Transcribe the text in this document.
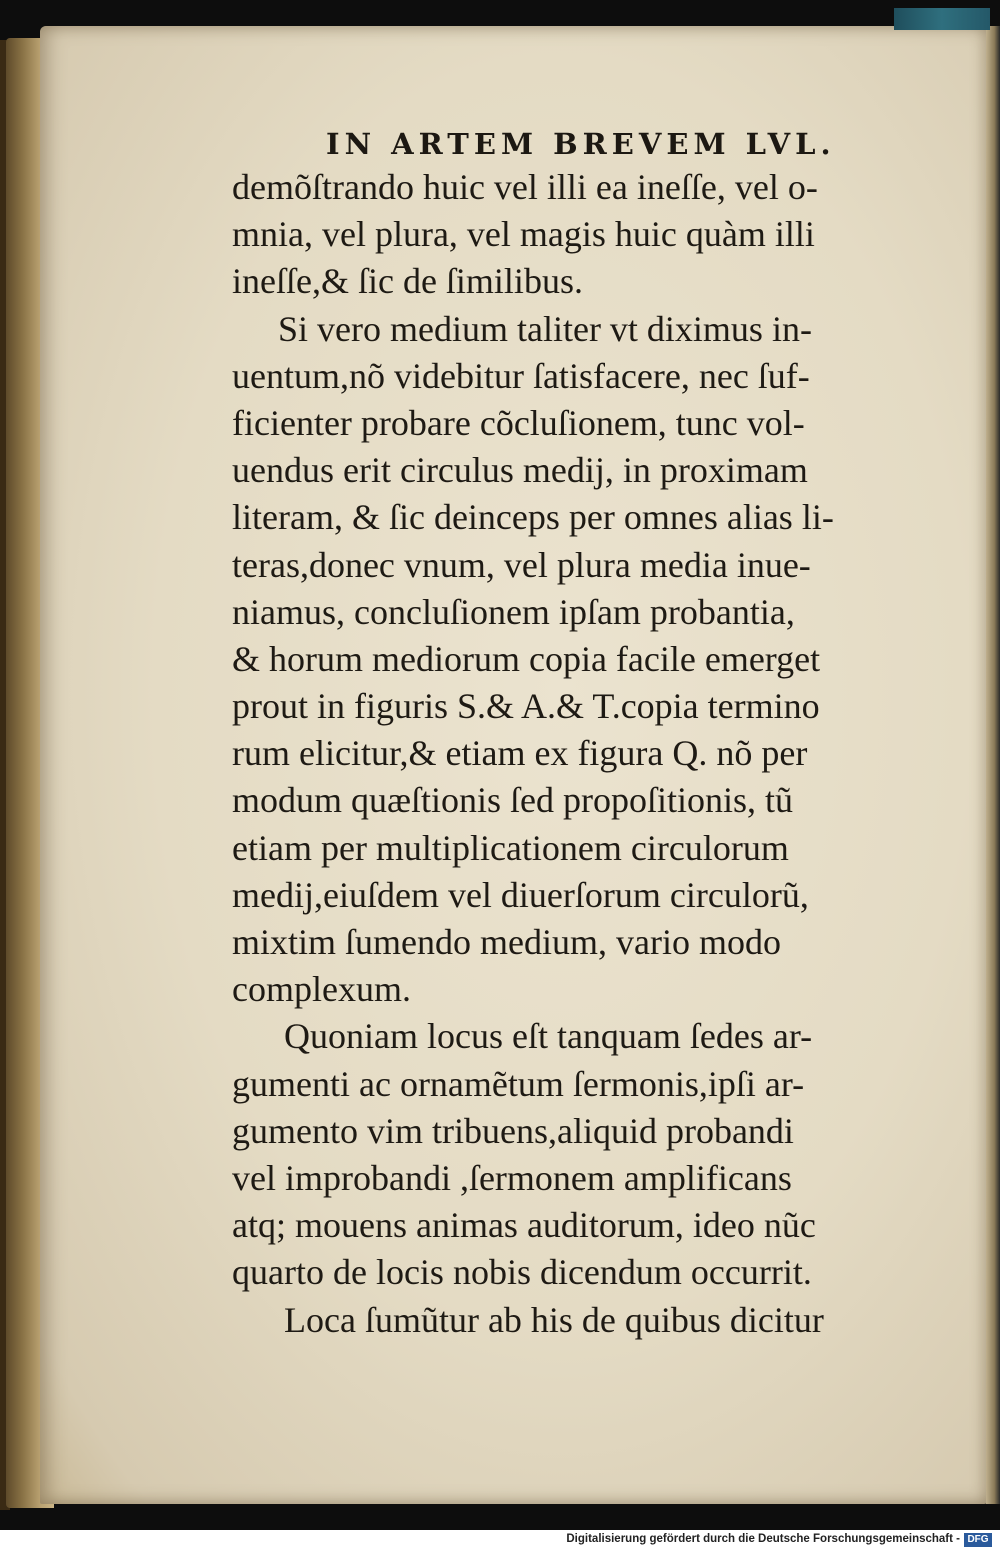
IN ARTEM BREVEM LVL.
demõſtrando huic vel illi ea ineſſe, vel o-
mnia, vel plura, vel magis huic quàm illi
ineſſe,& ſic de ſimilibus.
Si vero medium taliter vt diximus in-
uentum,nõ videbitur ſatisfacere, nec ſuf-
ficienter probare cõcluſionem, tunc vol-
uendus erit circulus medij, in proximam
literam, & ſic deinceps per omnes alias li-
teras,donec vnum, vel plura media inue-
niamus, concluſionem ipſam probantia,
& horum mediorum copia facile emerget
prout in figuris S.& A.& T.copia termino
rum elicitur,& etiam ex figura Q. nõ per
modum quæſtionis ſed propoſitionis, tũ
etiam per multiplicationem circulorum
medij,eiuſdem vel diuerſorum circulorũ,
mixtim ſumendo medium, vario modo
complexum.
Quoniam locus eſt tanquam ſedes ar-
gumenti ac ornamẽtum ſermonis,ipſi ar-
gumento vim tribuens,aliquid probandi
vel improbandi ,ſermonem amplificans
atq; mouens animas auditorum, ideo nũc
quarto de locis nobis dicendum occurrit.
Loca ſumũtur ab his de quibus dicitur
Digitalisierung gefördert durch die Deutsche Forschungsgemeinschaft - DFG
